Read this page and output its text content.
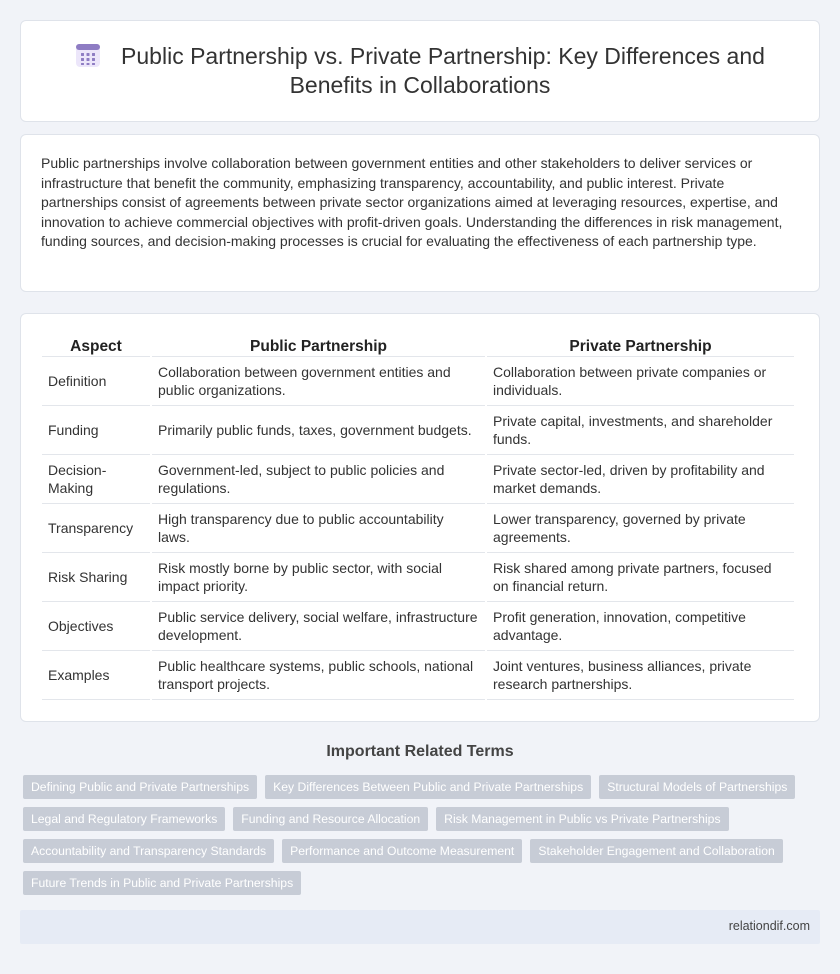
Public Partnership vs. Private Partnership: Key Differences and Benefits in Collaborations

Public partnerships involve collaboration between government entities and other stakeholders to deliver services or infrastructure that benefit the community, emphasizing transparency, accountability, and public interest. Private partnerships consist of agreements between private sector organizations aimed at leveraging resources, expertise, and innovation to achieve commercial objectives with profit-driven goals. Understanding the differences in risk management, funding sources, and decision-making processes is crucial for evaluating the effectiveness of each partnership type.

Aspect	Public Partnership	Private Partnership
Definition	Collaboration between government entities and public organizations.	Collaboration between private companies or individuals.
Funding	Primarily public funds, taxes, government budgets.	Private capital, investments, and shareholder funds.
Decision-Making	Government-led, subject to public policies and regulations.	Private sector-led, driven by profitability and market demands.
Transparency	High transparency due to public accountability laws.	Lower transparency, governed by private agreements.
Risk Sharing	Risk mostly borne by public sector, with social impact priority.	Risk shared among private partners, focused on financial return.
Objectives	Public service delivery, social welfare, infrastructure development.	Profit generation, innovation, competitive advantage.
Examples	Public healthcare systems, public schools, national transport projects.	Joint ventures, business alliances, private research partnerships.
Important Related Terms
Defining Public and Private Partnerships	Key Differences Between Public and Private Partnerships	Structural Models of Partnerships
Legal and Regulatory Frameworks	Funding and Resource Allocation	Risk Management in Public vs Private Partnerships
Accountability and Transparency Standards	Performance and Outcome Measurement	Stakeholder Engagement and Collaboration
Future Trends in Public and Private Partnerships
relationdif.com
